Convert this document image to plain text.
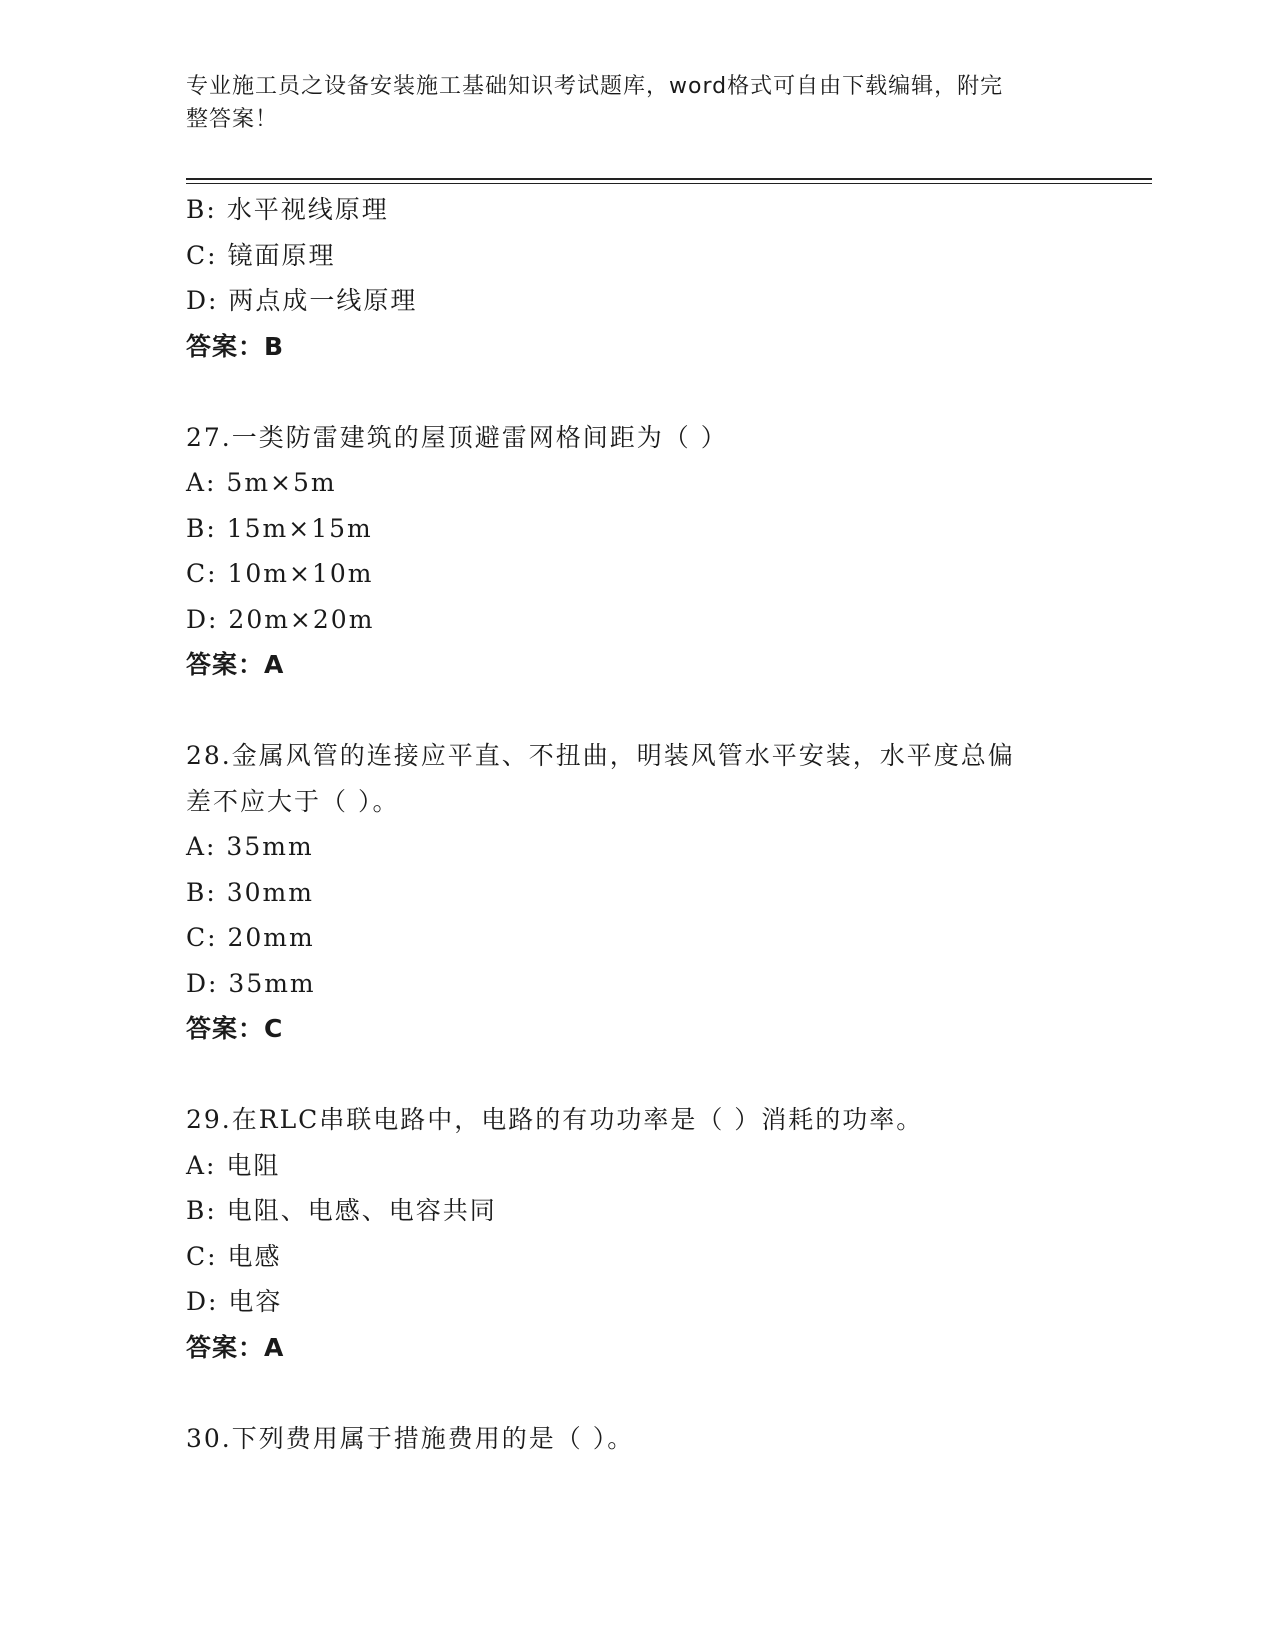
专业施工员之设备安装施工基础知识考试题库，word格式可自由下载编辑，附完
整答案！
B: 水平视线原理
C: 镜面原理
D: 两点成一线原理
答案：B
27.一类防雷建筑的屋顶避雷网格间距为（ ）
A: 5m×5m
B: 15m×15m
C: 10m×10m
D: 20m×20m
答案：A
28.金属风管的连接应平直、不扭曲，明装风管水平安装，水平度总偏
差不应大于（ ）。
A: 35mm
B: 30mm
C: 20mm
D: 35mm
答案：C
29.在RLC串联电路中，电路的有功功率是（ ）消耗的功率。
A: 电阻
B: 电阻、电感、电容共同
C: 电感
D: 电容
答案：A
30.下列费用属于措施费用的是（ ）。
